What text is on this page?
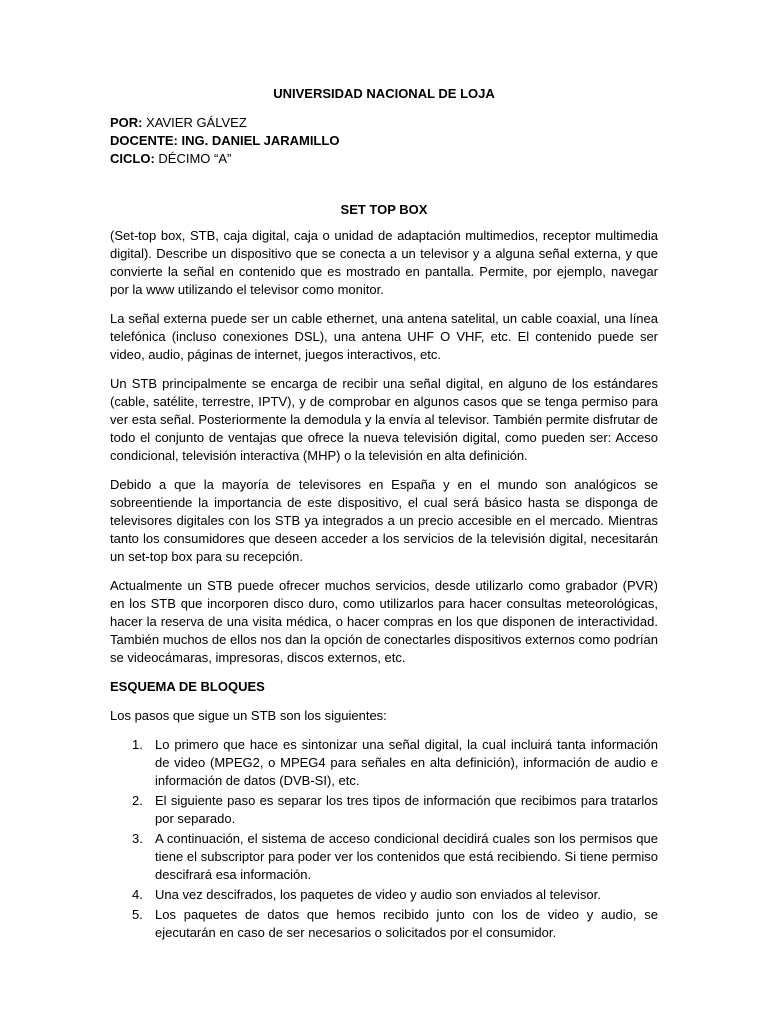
UNIVERSIDAD NACIONAL DE LOJA

POR: XAVIER GÁLVEZ

DOCENTE: ING. DANIEL JARAMILLO

CICLO: DÉCIMO “A”

SET TOP BOX

(Set-top box, STB, caja digital, caja o unidad de adaptación multimedios, receptor multimedia digital). Describe un dispositivo que se conecta a un televisor y a alguna señal externa, y que convierte la señal en contenido que es mostrado en pantalla. Permite, por ejemplo, navegar por la www utilizando el televisor como monitor.

La señal externa puede ser un cable ethernet, una antena satelital, un cable coaxial, una línea telefónica (incluso conexiones DSL), una antena UHF O VHF, etc. El contenido puede ser video, audio, páginas de internet, juegos interactivos, etc.

Un STB principalmente se encarga de recibir una señal digital, en alguno de los estándares (cable, satélite, terrestre, IPTV), y de comprobar en algunos casos que se tenga permiso para ver esta señal. Posteriormente la demodula y la envía al televisor. También permite disfrutar de todo el conjunto de ventajas que ofrece la nueva televisión digital, como pueden ser: Acceso condicional, televisión interactiva (MHP) o la televisión en alta definición.

Debido a que la mayoría de televisores en España y en el mundo son analógicos se sobreentiende la importancia de este dispositivo, el cual será básico hasta se disponga de televisores digitales con los STB ya integrados a un precio accesible en el mercado. Mientras tanto los consumidores que deseen acceder a los servicios de la televisión digital, necesitarán un set-top box para su recepción.

Actualmente un STB puede ofrecer muchos servicios, desde utilizarlo como grabador (PVR) en los STB que incorporen disco duro, como utilizarlos para hacer consultas meteorológicas, hacer la reserva de una visita médica, o hacer compras en los que disponen de interactividad. También muchos de ellos nos dan la opción de conectarles dispositivos externos como podrían se videocámaras, impresoras, discos externos, etc.

ESQUEMA DE BLOQUES

Los pasos que sigue un STB son los siguientes:

1. Lo primero que hace es sintonizar una señal digital, la cual incluirá tanta información de video (MPEG2, o MPEG4 para señales en alta definición), información de audio e información de datos (DVB-SI), etc.
2. El siguiente paso es separar los tres tipos de información que recibimos para tratarlos por separado.
3. A continuación, el sistema de acceso condicional decidirá cuales son los permisos que tiene el subscriptor para poder ver los contenidos que está recibiendo. Si tiene permiso descifrará esa información.
4. Una vez descifrados, los paquetes de video y audio son enviados al televisor.
5. Los paquetes de datos que hemos recibido junto con los de video y audio, se ejecutarán en caso de ser necesarios o solicitados por el consumidor.
